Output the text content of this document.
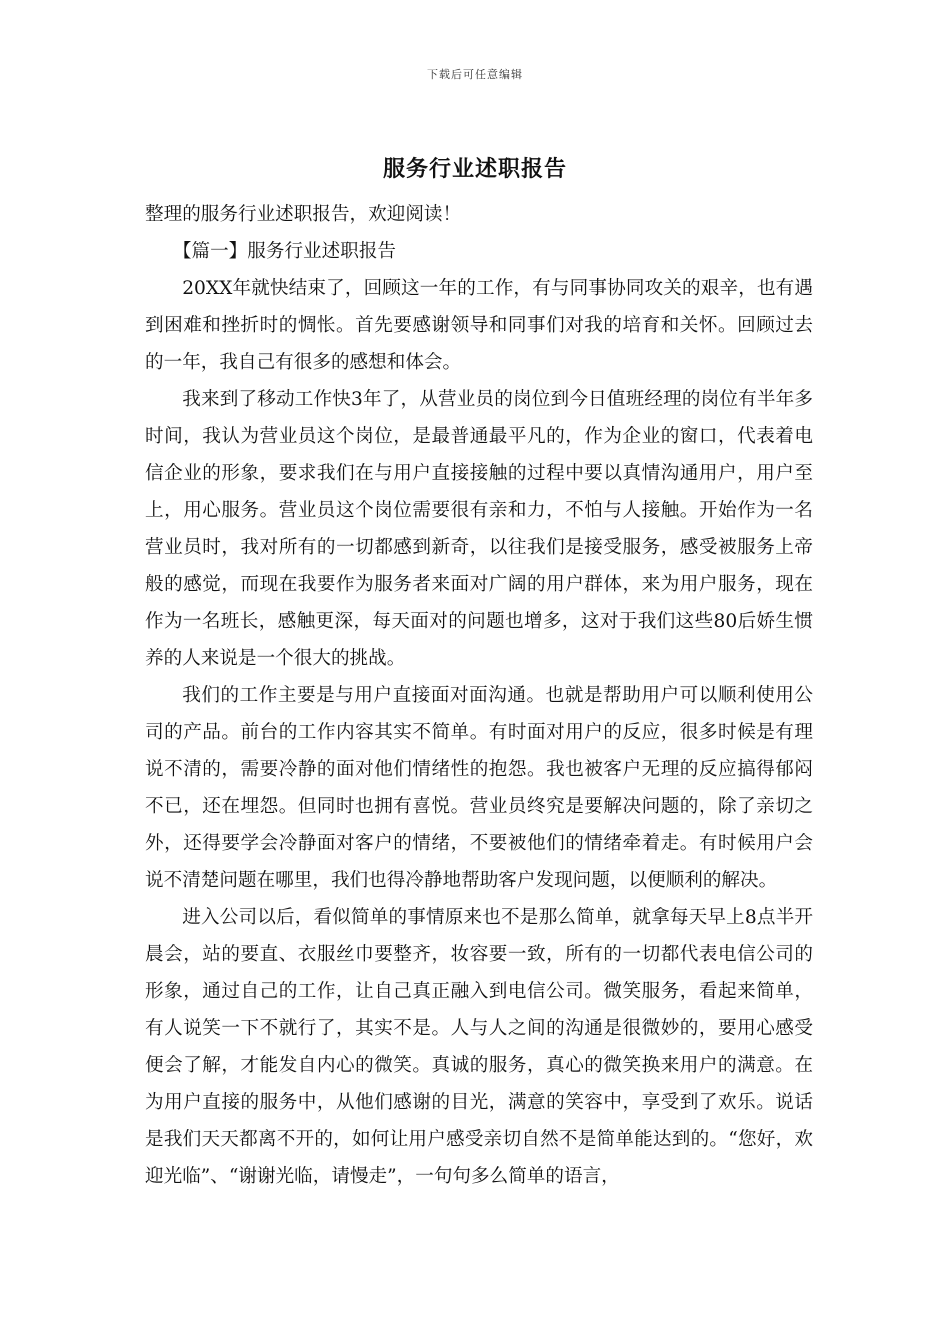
下载后可任意编辑
服务行业述职报告

整理的服务行业述职报告，欢迎阅读！

【篇一】服务行业述职报告

20XX年就快结束了，回顾这一年的工作，有与同事协同攻关的艰辛，也有遇到困难和挫折时的惆怅。首先要感谢领导和同事们对我的培育和关怀。回顾过去的一年，我自己有很多的感想和体会。

我来到了移动工作快3年了，从营业员的岗位到今日值班经理的岗位有半年多时间，我认为营业员这个岗位，是最普通最平凡的，作为企业的窗口，代表着电信企业的形象，要求我们在与用户直接接触的过程中要以真情沟通用户，用户至上，用心服务。营业员这个岗位需要很有亲和力，不怕与人接触。开始作为一名营业员时，我对所有的一切都感到新奇，以往我们是接受服务，感受被服务上帝般的感觉，而现在我要作为服务者来面对广阔的用户群体，来为用户服务，现在作为一名班长，感触更深，每天面对的问题也增多，这对于我们这些80后娇生惯养的人来说是一个很大的挑战。

我们的工作主要是与用户直接面对面沟通。也就是帮助用户可以顺利使用公司的产品。前台的工作内容其实不简单。有时面对用户的反应，很多时候是有理说不清的，需要冷静的面对他们情绪性的抱怨。我也被客户无理的反应搞得郁闷不已，还在埋怨。但同时也拥有喜悦。营业员终究是要解决问题的，除了亲切之外，还得要学会冷静面对客户的情绪，不要被他们的情绪牵着走。有时候用户会说不清楚问题在哪里，我们也得冷静地帮助客户发现问题，以便顺利的解决。

进入公司以后，看似简单的事情原来也不是那么简单，就拿每天早上8点半开晨会，站的要直、衣服丝巾要整齐，妆容要一致，所有的一切都代表电信公司的形象，通过自己的工作，让自己真正融入到电信公司。微笑服务，看起来简单，有人说笑一下不就行了，其实不是。人与人之间的沟通是很微妙的，要用心感受便会了解，才能发自内心的微笑。真诚的服务，真心的微笑换来用户的满意。在为用户直接的服务中，从他们感谢的目光，满意的笑容中，享受到了欢乐。说话是我们天天都离不开的，如何让用户感受亲切自然不是简单能达到的。“您好，欢迎光临”、“谢谢光临，请慢走”，一句句多么简单的语言，
